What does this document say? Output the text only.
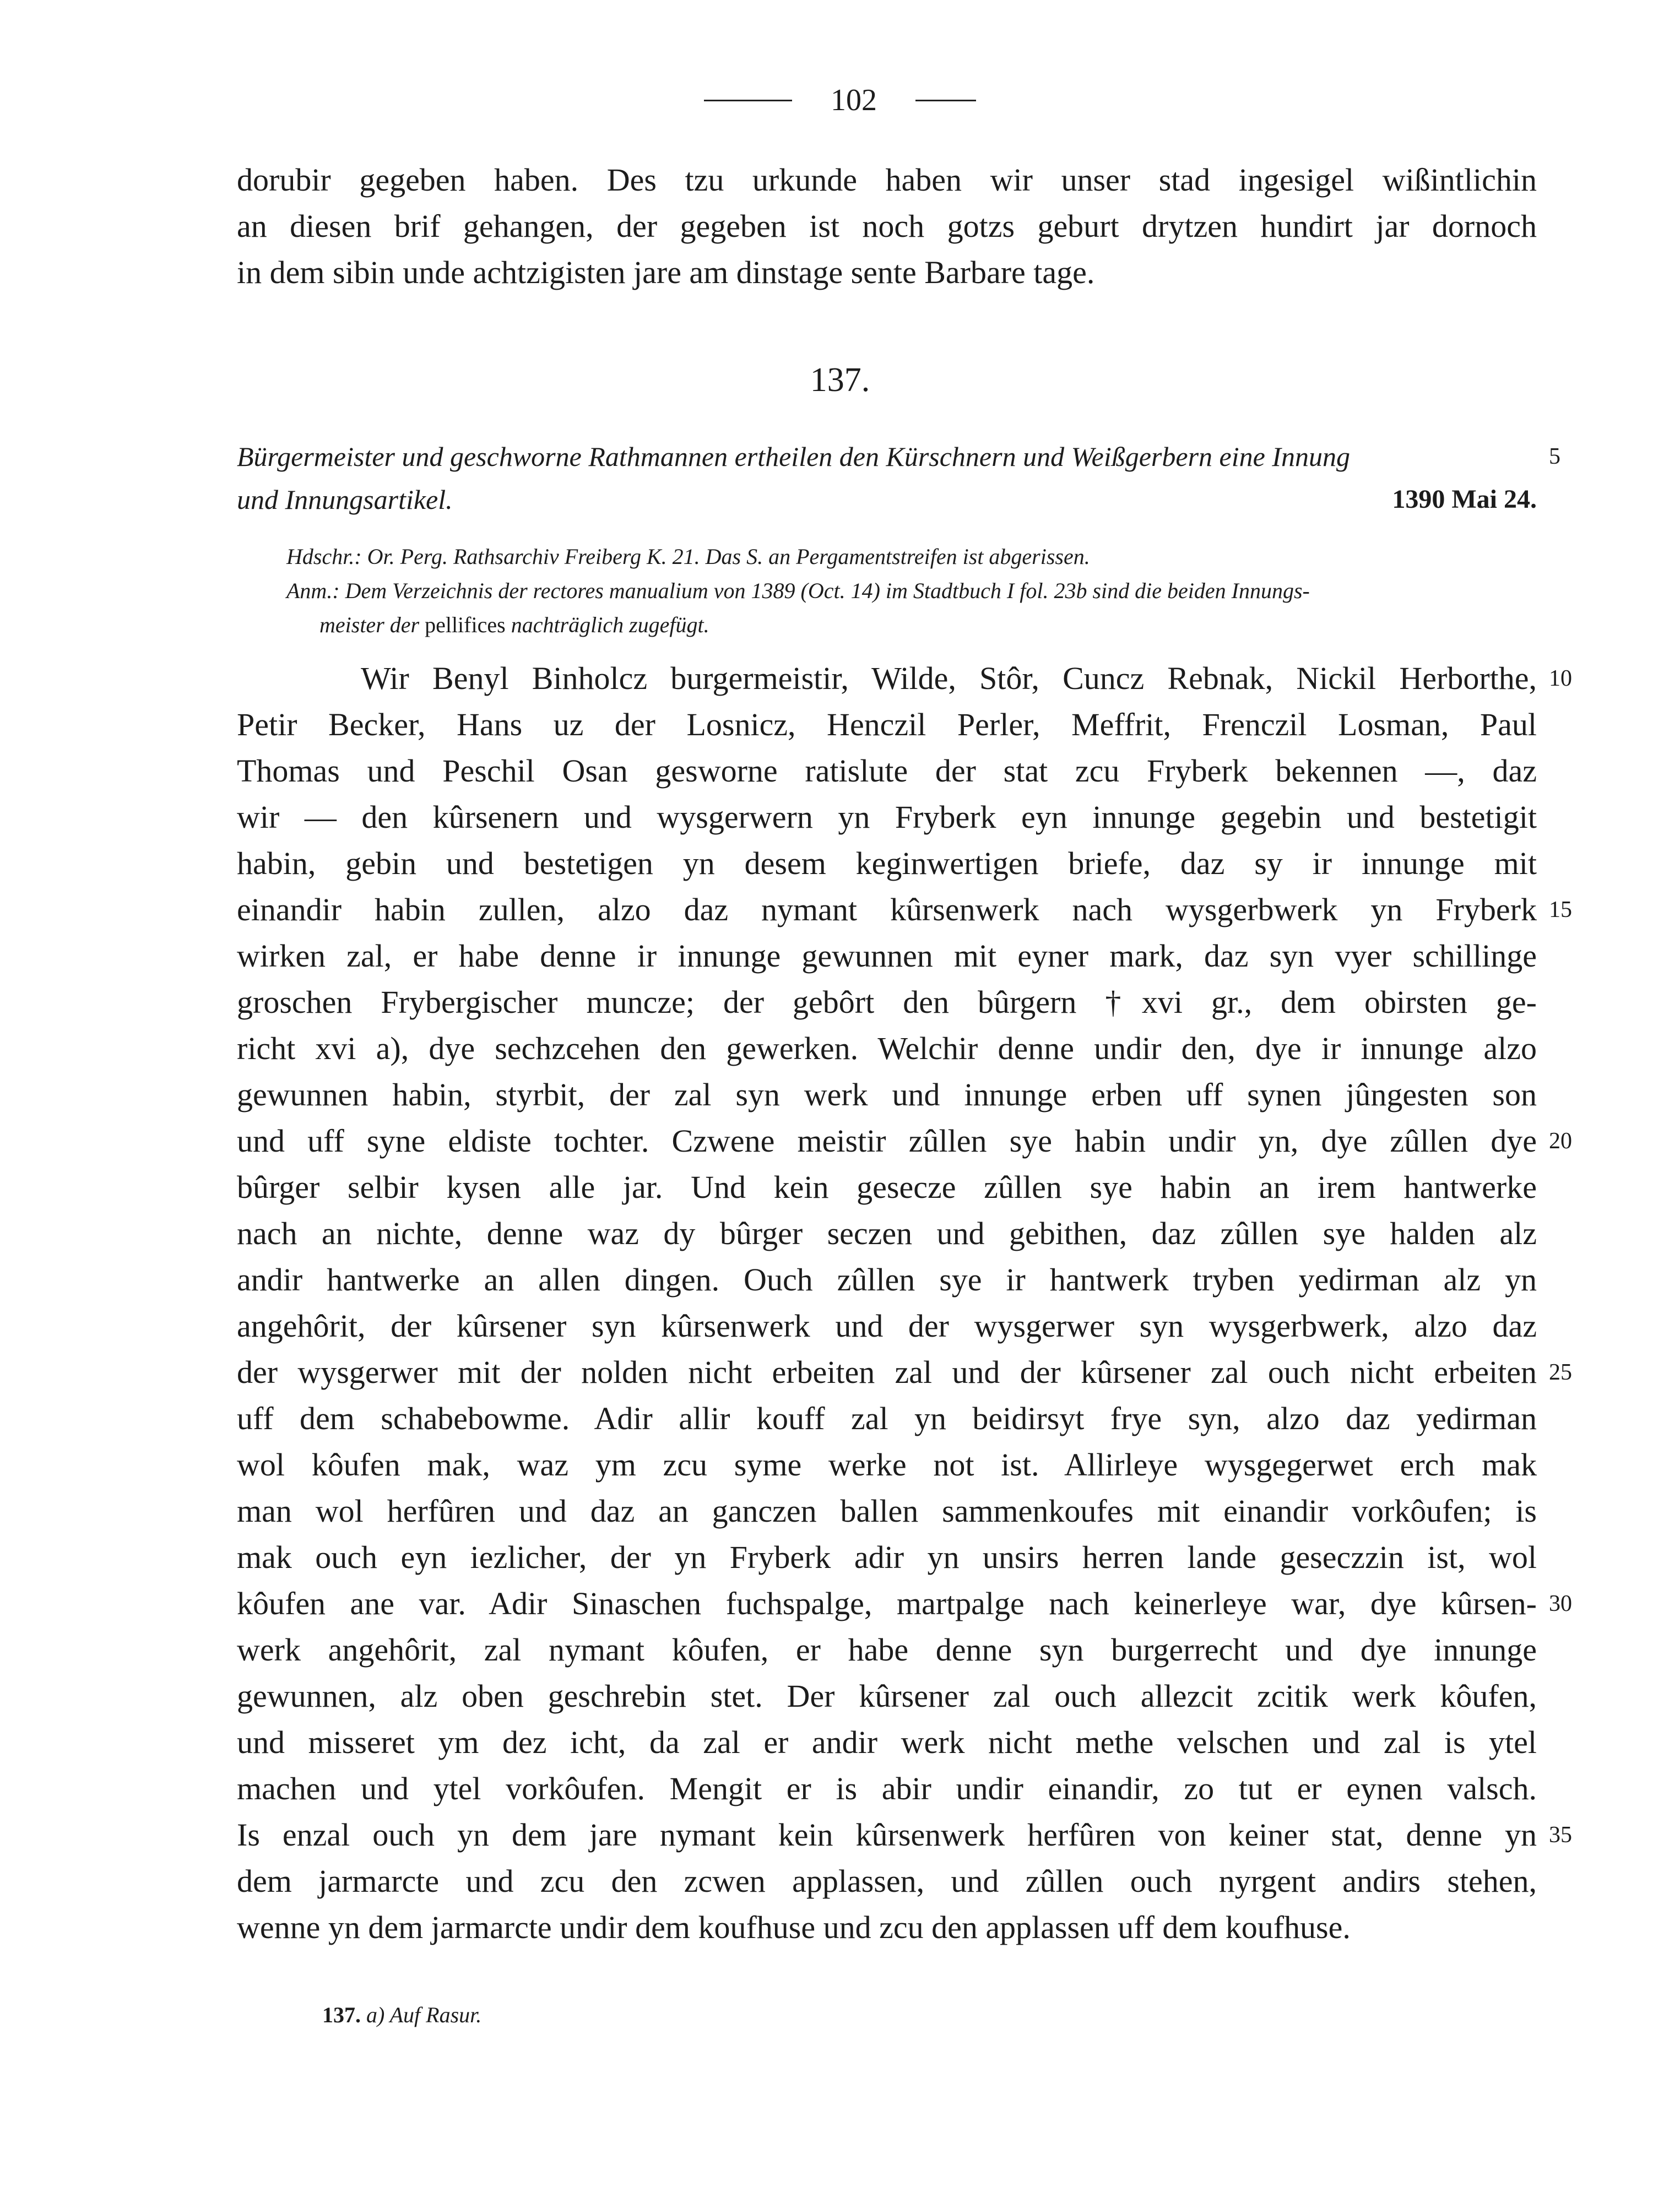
102
dorubir gegeben haben. Des tzu urkunde haben wir unser stad ingesigel wißintlichin
an diesen brif gehangen, der gegeben ist noch gotzs geburt drytzen hundirt jar dornoch
in dem sibin unde achtzigisten jare am dinstage sente Barbare tage.
137.
Bürgermeister und geschworne Rathmannen ertheilen den Kürschnern und Weißgerbern eine Innung
und Innungsartikel.	1390 Mai 24.
5
Hdschr.: Or. Perg. Rathsarchiv Freiberg K. 21. Das S. an Pergamentstreifen ist abgerissen.
Anm.: Dem Verzeichnis der rectores manualium von 1389 (Oct. 14) im Stadtbuch I fol. 23b sind die beiden Innungs-
meister der pellifices nachträglich zugefügt.
Wir Benyl Binholcz burgermeistir, Wilde, Stôr, Cuncz Rebnak, Nickil Herborthe,
Petir Becker, Hans uz der Losnicz, Henczil Perler, Meffrit, Frenczil Losman, Paul
Thomas und Peschil Osan gesworne ratislute der stat zcu Fryberk bekennen —, daz
wir — den kûrsenern und wysgerwern yn Fryberk eyn innunge gegebin und bestetigit
habin, gebin und bestetigen yn desem keginwertigen briefe, daz sy ir innunge mit
einandir habin zullen, alzo daz nymant kûrsenwerk nach wysgerbwerk yn Fryberk
wirken zal, er habe denne ir innunge gewunnen mit eyner mark, daz syn vyer schillinge
groschen Frybergischer muncze; der gebôrt den bûrgern †xvi gr., dem obirsten ge-
richt xvi a), dye sechzcehen den gewerken. Welchir denne undir den, dye ir innunge alzo
gewunnen habin, styrbit, der zal syn werk und innunge erben uff synen jûngesten son
und uff syne eldiste tochter. Czwene meistir zûllen sye habin undir yn, dye zûllen dye
bûrger selbir kysen alle jar. Und kein gesecze zûllen sye habin an irem hantwerke
nach an nichte, denne waz dy bûrger seczen und gebithen, daz zûllen sye halden alz
andir hantwerke an allen dingen. Ouch zûllen sye ir hantwerk tryben yedirman alz yn
angehôrit, der kûrsener syn kûrsenwerk und der wysgerwer syn wysgerbwerk, alzo daz
der wysgerwer mit der nolden nicht erbeiten zal und der kûrsener zal ouch nicht erbeiten
uff dem schabebowme. Adir allir kouff zal yn beidirsyt frye syn, alzo daz yedirman
wol kôufen mak, waz ym zcu syme werke not ist. Allirleye wysgegerwet erch mak
man wol herfûren und daz an ganczen ballen sammenkoufes mit einandir vorkôufen; is
mak ouch eyn iezlicher, der yn Fryberk adir yn unsirs herren lande geseczzin ist, wol
kôufen ane var. Adir Sinaschen fuchspalge, martpalge nach keinerleye war, dye kûrsen-
werk angehôrit, zal nymant kôufen, er habe denne syn burgerrecht und dye innunge
gewunnen, alz oben geschrebin stet. Der kûrsener zal ouch allezcit zcitik werk kôufen,
und misseret ym dez icht, da zal er andir werk nicht methe velschen und zal is ytel
machen und ytel vorkôufen. Mengit er is abir undir einandir, zo tut er eynen valsch.
Is enzal ouch yn dem jare nymant kein kûrsenwerk herfûren von keiner stat, denne yn
dem jarmarcte und zcu den zcwen applassen, und zûllen ouch nyrgent andirs stehen,
wenne yn dem jarmarcte undir dem koufhuse und zcu den applassen uff dem koufhuse.
10
15
20
25
30
35
137. a) Auf Rasur.
